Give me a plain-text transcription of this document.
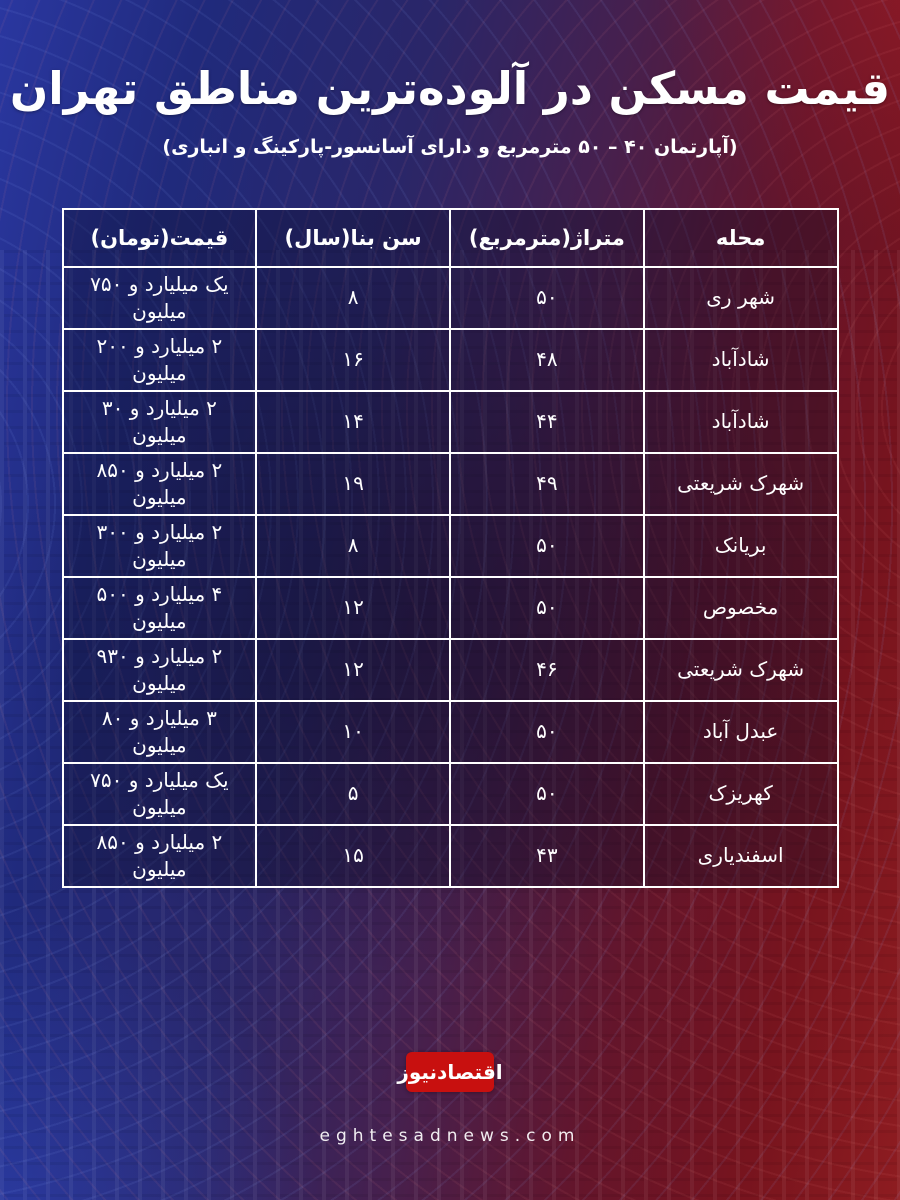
قیمت مسکن در آلوده‌ترین مناطق تهران

(آپارتمان ۴۰ – ۵۰ مترمربع و دارای آسانسور-پارکینگ و انباری)

محله	متراژ(مترمربع)	سن بنا(سال)	قیمت(تومان)
شهر ری	۵۰	۸	یک میلیارد و ۷۵۰ میلیون
شادآباد	۴۸	۱۶	۲ میلیارد و ۲۰۰ میلیون
شادآباد	۴۴	۱۴	۲ میلیارد و ۳۰ میلیون
شهرک شریعتی	۴۹	۱۹	۲ میلیارد و ۸۵۰ میلیون
بریانک	۵۰	۸	۲ میلیارد و ۳۰۰ میلیون
مخصوص	۵۰	۱۲	۴ میلیارد و ۵۰۰ میلیون
شهرک شریعتی	۴۶	۱۲	۲ میلیارد و ۹۳۰ میلیون
عبدل آباد	۵۰	۱۰	۳ میلیارد و ۸۰ میلیون
کهریزک	۵۰	۵	یک میلیارد و ۷۵۰ میلیون
اسفندیاری	۴۳	۱۵	۲ میلیارد و ۸۵۰ میلیون
اقتصادنیوز
eghtesadnews.com
